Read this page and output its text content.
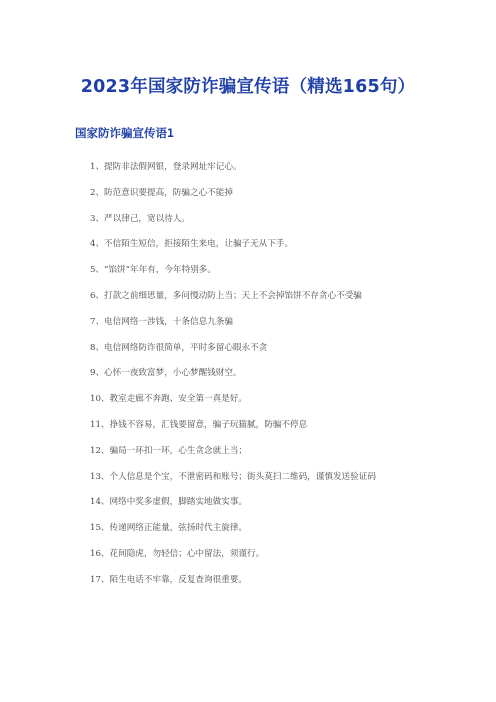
2023年国家防诈骗宣传语（精选165句）
国家防诈骗宣传语1
1、提防非法假网银，登录网址牢记心。
2、防范意识要提高，防骗之心不能掉
3、严以律己，宽以待人。
4、不信陌生短信，拒接陌生来电，让骗子无从下手。
5、“馅饼”年年有，今年特别多。
6、打款之前细思量，多问慢动防上当；天上不会掉馅饼不存贪心不受骗
7、电信网络一涉钱，十条信息九条骗
8、电信网络防诈很简单，平时多留心眼永不贪
9、心怀一夜致富梦，小心梦醒钱财空。
10、教室走廊不奔跑、安全第一真是好。
11、挣钱不容易，汇钱要留意，骗子玩猫腻，防骗不停息
12、骗局一环扣一环，心生贪念就上当；
13、个人信息是个宝，不泄密码和账号；街头莫扫二维码，谨慎发送验证码
14、网络中奖多虚假，脚踏实地做实事。
15、传递网络正能量，弦扬时代主旋律。
16、花间隐虎，勿轻信；心中留法，须谨行。
17、陌生电话不牢靠，反复查询很重要。
